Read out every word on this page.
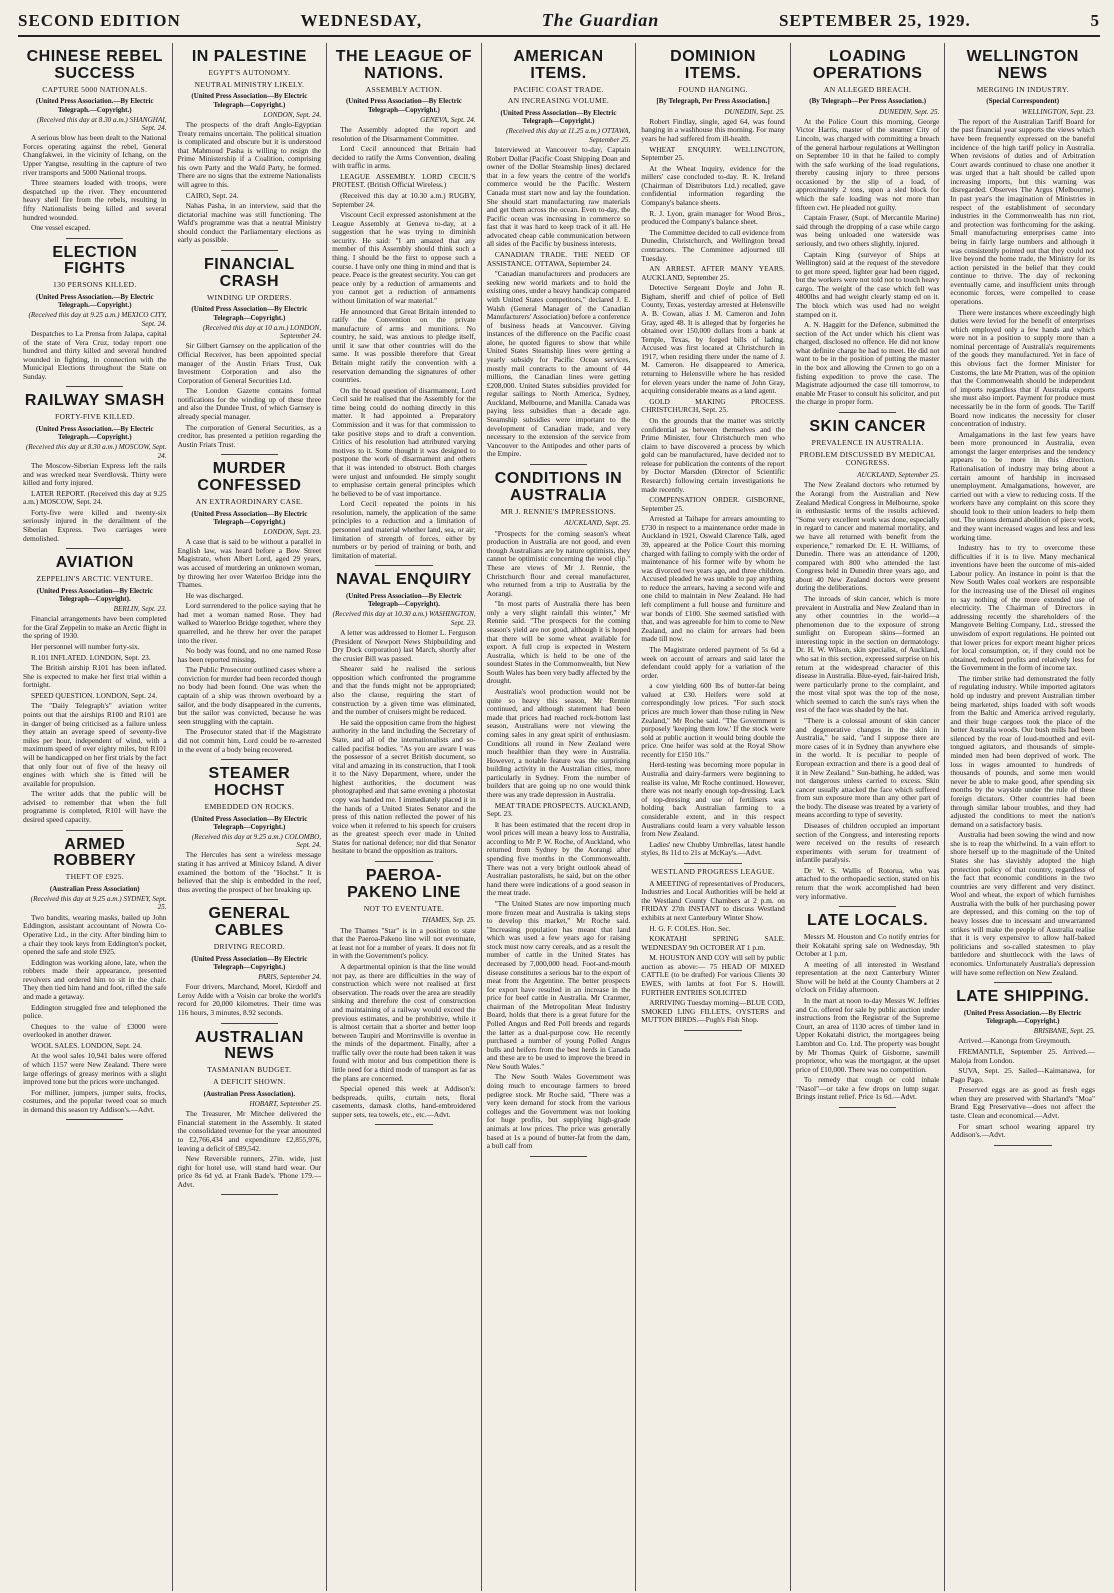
SECOND EDITION	WEDNESDAY,	The Guardian	SEPTEMBER 25, 1929.	5
CHINESE REBEL SUCCESS
CAPTURE 5000 NATIONALS.
(United Press Association.—By Electric Telegraph.—Copyright.)
(Received this day at 8.30 a.m.) SHANGHAI, Sept. 24.

A serious blow has been dealt to the National Forces operating against the rebel, General Changfakwei, in the vicinity of Ichang, on the Upper Yangtse, resulting in the capture of two river transports and 5000 National troops.

Three steamers loaded with troops, were despatched up the river. They encountered heavy shell fire from the rebels, resulting in fifty Nationalists being killed and several hundred wounded.

One vessel escaped.

ELECTION FIGHTS
130 PERSONS KILLED.
(United Press Association.—By Electric Telegraph.—Copyright.)
(Received this day at 9.25 a.m.) MEXICO CITY, Sept. 24.

Despatches to La Prensa from Jalapa, capital of the state of Vera Cruz, today report one hundred and thirty killed and several hundred wounded in fighting, in connection with the Municipal Elections throughout the State on Sunday.

RAILWAY SMASH
FORTY-FIVE KILLED.
(United Press Association.—By Electric Telegraph.—Copyright.)
(Received this day at 8.30 a.m.) MOSCOW, Sept. 24.

The Moscow-Siberian Express left the rails and was wrecked near Sverdlovsk. Thirty were killed and forty injured.

LATER REPORT. (Received this day at 9.25 a.m.) MOSCOW, Sept. 24.

Forty-five were killed and twenty-six seriously injured in the derailment of the Siberian Express. Two carriages were demolished.

AVIATION
ZEPPELIN'S ARCTIC VENTURE.
(United Press Association—By Electric Telegraph—Copyright).
BERLIN, Sept. 23.

Financial arrangements have been completed for the Graf Zeppelin to make an Arctic flight in the spring of 1930.

Her personnel will number forty-six.

R.101 INFLATED. LONDON, Sept. 23.

The British airship R101 has been inflated. She is expected to make her first trial within a fortnight.

SPEED QUESTION. LONDON, Sept. 24.

The "Daily Telegraph's" aviation writer points out that the airships R100 and R101 are in danger of being criticised as a failure unless they attain an average speed of seventy-five miles per hour, independent of wind, with a maximum speed of over eighty miles, but R101 will be handicapped on her first trials by the fact that only four out of five of the heavy oil engines with which she is fitted will be available for propulsion.

The writer adds that the public will be advised to remember that when the full programme is completed, R101 will have the desired speed capacity.

ARMED ROBBERY
THEFT OF £925.
(Australian Press Association)
(Received this day at 9.25 a.m.) SYDNEY, Sept. 25.

Two bandits, wearing masks, bailed up John Eddington, assistant accountant of Nowra Co-Operative Ltd., in the city. After binding him to a chair they took keys from Eddington's pocket, opened the safe and stole £925.

Eddington was working alone, late, when the robbers made their appearance, presented revolvers and ordered him to sit in the chair. They then tied him hand and foot, rifled the safe and made a getaway.

Eddington struggled free and telephoned the police.

Cheques to the value of £3000 were overlooked in another drawer.

WOOL SALES. LONDON, Sept. 24.

At the wool sales 10,941 bales were offered of which 1157 were New Zealand. There were large offerings of greasy merinos with a slight improved tone but the prices were unchanged.

For milliner, jumpers, jumper suits, frocks, costumes, and the popular tweed coat so much in demand this season try Addison's.—Advt.

IN PALESTINE
EGYPT'S AUTONOMY.
NEUTRAL MINISTRY LIKELY.
(United Press Association—By Electric Telegraph—Copyright.)
LONDON, Sept. 24.

The prospects of the draft Anglo-Egyptian Treaty remains uncertain. The political situation is complicated and obscure but it is understood that Mahmoud Pasha is willing to resign the Prime Ministership if a Coalition, comprising his own Party and the Wafd Party, be formed. There are no signs that the extreme Nationalists will agree to this.

CAIRO, Sept. 24.

Nahas Pasha, in an interview, said that the dictatorial machine was still functioning. The Wafd's programme was that a neutral Ministry should conduct the Parliamentary elections as early as possible.

FINANCIAL CRASH
WINDING UP ORDERS.
(United Press Association—By Electric Telegraph—Copyright.)
(Received this day at 10 a.m.) LONDON, September 24.

Sir Gilbert Garnsey on the application of the Official Receiver, has been appointed special manager of the Austin Friars Trust, Oak Investment Corporation and also the Corporation of General Securities Ltd.

The London Gazette contains formal notifications for the winding up of these three and also the Dundee Trust, of which Garnsey is already special manager.

The corporation of General Securities, as a creditor, has presented a petition regarding the Austin Friars Trust.

MURDER CONFESSED
AN EXTRAORDINARY CASE.
(United Press Association—By Electric Telegraph—Copyright.)
LONDON, Sept. 23.

A case that is said to be without a parallel in English law, was heard before a Bow Street Magistrate, when Albert Lord, aged 29 years, was accused of murdering an unknown woman, by throwing her over Waterloo Bridge into the Thames.

He was discharged.

Lord surrendered to the police saying that he had met a woman named Rose. They had walked to Waterloo Bridge together, where they quarrelled, and he threw her over the parapet into the river.

No body was found, and no one named Rose has been reported missing.

The Public Prosecutor outlined cases where a conviction for murder had been recorded though no body had been found. One was when the captain of a ship was thrown overboard by a sailor, and the body disappeared in the currents, but the sailor was convicted, because he was seen struggling with the captain.

The Prosecutor stated that if the Magistrate did not commit him, Lord could be re-arrested in the event of a body being recovered.

STEAMER HOCHST
EMBEDDED ON ROCKS.
(United Press Association—By Electric Telegraph—Copyright.)
(Received this day at 9.25 a.m.) COLOMBO, Sept. 24.

The Hercules has sent a wireless message stating it has arrived at Minicoy Island. A diver examined the bottom of the "Hochst." It is believed that the ship is embedded in the reef, thus averting the prospect of her breaking up.

GENERAL CABLES
DRIVING RECORD.
(United Press Association—By Electric Telegraph—Copyright.)
PARIS, September 24.

Four drivers, Marchand, Morel, Kirdoff and Leroy Adde with a Voisin car broke the world's record for 20,000 kilometres. Their time was 116 hours, 3 minutes, 8.92 seconds.

AUSTRALIAN NEWS
TASMANIAN BUDGET.
A DEFICIT SHOWN.
(Australian Press Association).
HOBART, September 25.

The Treasurer, Mr Mitchee delivered the Financial statement in the Assembly. It stated the consolidated revenue for the year amounted to £2,766,434 and expenditure £2,855,976, leaving a deficit of £89,542.

New Reversible runners, 27in. wide, just right for hotel use, will stand hard wear. Our price 8s 6d yd. at Frank Bade's. 'Phone 179.—Advt.

THE LEAGUE OF NATIONS.
ASSEMBLY ACTION.
(United Press Association—By Electric Telegraph—Copyright.)
GENEVA, Sept. 24.

The Assembly adopted the report and resolution of the Disarmament Committee.

Lord Cecil announced that Britain had decided to ratify the Arms Convention, dealing with traffic in arms.

LEAGUE ASSEMBLY. LORD CECIL'S PROTEST. (British Official Wireless.)

(Received this day at 10.30 a.m.) RUGBY, September 24.

Viscount Cecil expressed astonishment at the League Assembly at Geneva to-day, at a suggestion that he was trying to diminish security. He said: "I am amazed that any member of this Assembly should think such a thing. I should be the first to oppose such a course. I have only one thing in mind and that is peace. Peace is the greatest security. You can get peace only by a reduction of armaments and you cannot get a reduction of armaments without limitation of war material."

He announced that Great Britain intended to ratify the Convention on the private manufacture of arms and munitions. No country, he said, was anxious to pledge itself, until it saw that other countries will do the same. It was possible therefore that Great Britain might ratify the convention with a reservation demanding the signatures of other countries.

On the broad question of disarmament, Lord Cecil said he realised that the Assembly for the time being could do nothing directly in this matter. It had appointed a Preparatory Commission and it was for that commission to take positive steps and to draft a convention. Critics of his resolution had attributed varying motives to it. Some thought it was designed to postpone the work of disarmament and others that it was intended to obstruct. Both charges were unjust and unfounded. He simply sought to emphasise certain general principles which he believed to be of vast importance.

Lord Cecil repeated the points in his resolution, namely, the application of the same principles to a reduction and a limitation of personnel and material whether land, sea, or air; limitation of strength of forces, either by numbers or by period of training or both, and limitation of material.

NAVAL ENQUIRY
(United Press Association—By Electric Telegraph—Copyright).
(Received this day at 10.30 a.m.) WASHINGTON, Sept. 23.

A letter was addressed to Homer L. Ferguson (President of Newport News Shipbuilding and Dry Dock corporation) last March, shortly after the crusier Bill was passed.

Shearer said he realised the serious opposition which confronted the programme and that the funds might not be appropriated; also the clause, requiring the start of construction by a given time was eliminated, and the number of cruisers might be reduced.

He said the opposition came from the highest authority in the land including the Secretary of State, and all of the internationalists and so-called pacifist bodies. "As you are aware I was the possessor of a secret British document, so vital and amazing in its construction, that I took it to the Navy Department, where, under the highest authorities, the document was photographed and that same evening a photostat copy was handed me. I immediately placed it in the hands of a United States Senator and the press of this nation reflected the power of his voice when it referred to his speech for cruisers as the greatest speech ever made in United States for national defence; nor did that Senator hesitate to brand the opposition as traitors.

PAEROA-PAKENO LINE
NOT TO EVENTUATE.
THAMES, Sep. 25.

The Thames "Star" is in a position to state that the Paeroa-Pakeno line will not eventuate, at least not for a number of years. It does not fit in with the Government's policy.

A departmental opinion is that the line would not pay, as there are difficulties in the way of construction which were not realised at first observation. The roads over the area are steadily sinking and therefore the cost of construction and maintaining of a railway would exceed the previous estimates, and be prohibitive, while it is almost certain that a shorter and better loop between Taupiri and Morrinsville is overdue in the minds of the department. Finally, after a traffic tally over the route had been taken it was found with motor and bus competition there is little need for a third mode of transport as far as the plans are concerned.

Special opened this week at Addison's: bedspreads, quilts, curtain nets, floral casements, damask cloths, hand-embroidered supper sets, tea towels, etc., etc.—Advt.

AMERICAN ITEMS.
PACIFIC COAST TRADE.
AN INCREASING VOLUME.
(United Press Association—By Electric Telegraph—Copyright.)
(Received this day at 11.25 a.m.) OTTAWA, September 25.

Interviewed at Vancouver to-day, Captain Robert Dollar (Pacific Coast Shipping Doan and owner of the Dollar Steamship lines) declared that in a few years the centre of the world's commerce would be the Pacific. Western Canada must start now and lay the foundation. She should start manufacturing raw materials and get them across the ocean. Even to-day, the Pacific ocean was increasing in commerce so fast that it was hard to keep track of it all. He advocated cheap cable communication between all sides of the Pacific by business interests.

CANADIAN TRADE. THE NEED OF ASSISTANCE. OTTAWA, September 24.

"Canadian manufacturers and producers are seeking new world markets and to hold the existing ones, under a heavy handicap compared with United States competitors," declared J. E. Walsh (General Manager of the Canadian Manufacturers' Association) before a conference of business heads at Vancouver. Giving instances of the difference on the Pacific coast alone, he quoted figures to show that while United States Steamship lines were getting a yearly subsidy for Pacific Ocean services, mostly mail contracts to the amount of 44 millions, the Canadian lines were getting £208,000. United States subsidies provided for regular sailings to North America, Sydney, Auckland, Melbourne, and Manilla. Canada was paying less subsidies than a decade ago. Steamship subsidies were important to the development of Canadian trade, and very necessary to the extension of the service from Vancouver to the Antipodes and other parts of the Empire.

CONDITIONS IN AUSTRALIA
MR J. RENNIE'S IMPRESSIONS.
AUCKLAND, Sept. 25.

"Prospects for the coming season's wheat production in Australia are not good, and even though Australians are by nature optimists, they cannot be optimistic concerning the wool clip." These are views of Mr J. Rennie, the Christchurch flour and cereal manufacturer, who returned from a trip to Australia by the Aorangi.

"In most parts of Australia there has been only a very slight rainfall this winter," Mr Rennie said. "The prospects for the coming season's yield are not good, although it is hoped that there will be some wheat available for export. A full crop is expected in Western Australia, which is held to be one of the soundest States in the Commonwealth, but New South Wales has been very badly affected by the drought.

Australia's wool production would not be quite so heavy this season, Mr Rennie continued, and although statement had been made that prices had reached rock-bottom last season, Australians were not viewing the coming sales in any great spirit of enthusiasm. Conditions all round in New Zealand were much healthier than they were in Australia. However, a notable feature was the surprising building activity in the Australian cities, more particularly in Sydney. From the number of builders that are going up no one would think there was any trade depression in Australia.

MEAT TRADE PROSPECTS. AUCKLAND, Sept. 23.

It has been estimated that the recent drop in wool prices will mean a heavy loss to Australia, according to Mr P. W. Roche, of Auckland, who returned from Sydney by the Aorangi after spending five months in the Commonwealth. There was not a very bright outlook ahead of Australian pastoralists, he said, but on the other hand there were indications of a good season in the meat trade.

"The United States are now importing much more frozen meat and Australia is taking steps to develop this market," Mr Roche said. "Increasing population has meant that land which was used a few years ago for raising stock must now carry cereals, and as a result the number of cattle in the United States has decreased by 7,000,000 head. Foot-and-mouth disease constitutes a serious bar to the export of meat from the Argentine. The better prospects for export have resulted in an increase in the price for beef cattle in Australia. Mr Cranmer, chairman of the Metropolitan Meat Industry Board, holds that there is a great future for the Polled Angus and Red Poll breeds and regards the latter as a dual-purpose cow. He recently purchased a number of young Polled Angus bulls and heifers from the best herds in Canada and these are to be used to improve the breed in New South Wales."

The New South Wales Government was doing much to encourage farmers to breed pedigree stock. Mr Roche said, "There was a very keen demand for stock from the various colleges and the Government was not looking for huge profits, but supplying high-grade animals at low prices. The price was generally based at 1s a pound of butter-fat from the dam, a bull calf from

DOMINION ITEMS.
FOUND HANGING.
[By Telegraph, Per Press Association.]
DUNEDIN, Sept. 25.

Robert Findlay, single, aged 64, was found hanging in a washhouse this morning. For many years he had suffered from ill-health.

WHEAT ENQUIRY. WELLINGTON, September 25.

At the Wheat Inquiry, evidence for the millers' case concluded to-day. R. K. Ireland (Chairman of Distributors Ltd.) recalled, gave confidential information regarding the Company's balance sheets.

R. J. Lyon, grain manager for Wood Bros., produced the Company's balance sheet.

The Committee decided to call evidence from Dunedin, Christchurch, and Wellington bread contractors. The Committee adjourned till Tuesday.

AN ARREST. AFTER MANY YEARS. AUCKLAND, September 25.

Detective Sergeant Doyle and John R. Bigham, sheriff and chief of police of Bell County, Texas, yesterday arrested at Helensville A. B. Cowan, alias J. M. Cameron and John Gray, aged 48. It is alleged that by forgeries he obtained over 150,000 dollars from a bank at Temple, Texas, by forged bills of lading. Accused was first located at Christchurch in 1917, when residing there under the name of J. M. Cameron. He disappeared to America, returning to Helensville where he has resided for eleven years under the name of John Gray, acquiring considerable means as a land agent.

GOLD MAKING PROCESS. CHRISTCHURCH, Sept. 25.

On the grounds that the matter was strictly confidential as between themselves and the Prime Minister, four Christchurch men who claim to have discovered a process by which gold can be manufactured, have decided not to release for publication the contents of the report by Doctor Marsden (Director of Scientific Research) following certain investigations he made recently.

COMPENSATION ORDER. GISBORNE, September 25.

Arrested at Taihape for arrears amounting to £730 in respect to a maintenance order made in Auckland in 1921, Oswald Clarence Talk, aged 39, appeared at the Police Court this morning charged with failing to comply with the order of maintenance of his former wife by whom he was divorced two years ago, and three children. Accused pleaded he was unable to pay anything to reduce the arrears, having a second wife and one child to maintain in New Zealand. He had left compliment a full house and furniture and war bonds of £100. She seemed satisfied with that, and was agreeable for him to come to New Zealand, and no claim for arrears had been made till now.

The Magistrate ordered payment of 5s 6d a week on account of arrears and said later the defendant could apply for a variation of the order.

a cow yielding 600 lbs of butter-fat being valued at £30. Heifers were sold at correspondingly low prices. "For such stock prices are much lower than those ruling in New Zealand," Mr Roche said. "The Government is purposely 'keeping them low.' If the stock were sold at public auction it would bring double the price. One heifer was sold at the Royal Show recently for £150 10s."

Herd-testing was becoming more popular in Australia and dairy-farmers were beginning to realise its value, Mr Roche continued. However, there was not nearly enough top-dressing. Lack of top-dressing and use of fertilisers was holding back Australian farming to a considerable extent, and in this respect Australians could learn a very valuable lesson from New Zealand.

Ladies' new Chubby Umbrellas, latest handle styles, 8s 11d to 21s at McKay's.—Advt.

WESTLAND PROGRESS LEAGUE.

A MEETING of representatives of Producers, Industries and Local Authorities will be held at the Westland County Chambers at 2 p.m. on FRIDAY 27th INSTANT to discuss Westland exhibits at next Canterbury Winter Show.

H. G. F. COLES. Hon. Sec.

KOKATAHI SPRING SALE. WEDNESDAY 9th OCTOBER AT 1 p.m.

M. HOUSTON AND COY will sell by public auction as above:— 75 HEAD OF MIXED CATTLE (to be drafted) For various Clients 30 EWES, with lambs at foot For S. Howill. FURTHER ENTRIES SOLICITED

ARRIVING Tuesday morning—BLUE COD, SMOKED LING FILLETS, OYSTERS and MUTTON BIRDS.—Pugh's Fish Shop.

LOADING OPERATIONS
AN ALLEGED BREACH.
(By Telegraph—Per Press Association.)
DUNEDIN, Sept. 25.

At the Police Court this morning, George Victor Harris, master of the steamer City of Lincoln, was charged with committing a breach of the general harbour regulations at Wellington on September 10 in that he failed to comply with the safe working of the load regulations, thereby causing injury to three persons occasioned by the slip of a load, of approximately 2 tons, upon a sled block for which the safe loading was not more than fifteen cwt. He pleaded not guilty.

Captain Fraser, (Supt. of Mercantile Marine) said through the dropping of a case while cargo was being unloaded one waterside was seriously, and two others slightly, injured.

Captain King (surveyor of Ships at Wellington) said at the request of the stevedore to get more speed, lighter gear had been rigged, but the workers were not told not to touch heavy cargo. The weight of the case which fell was 4800lbs and had weight clearly stamp ed on it. The block which was used had no weight stamped on it.

A. N. Haggitt for the Defence, submitted the section of the Act under which his client was charged, disclosed no offence. He did not know what definite charge he had to meet. He did not want to be in the position of putting the master in the box and allowing the Crown to go on a fishing expedition to prove the case. The Magistrate adjourned the case till tomorrow, to enable Mr Fraser to consult his solicitor, and put the charge in proper form.

SKIN CANCER
PREVALENCE IN AUSTRALIA.
PROBLEM DISCUSSED BY MEDICAL CONGRESS.
AUCKLAND, September 25.

The New Zealand doctors who returned by the Aorangi from the Australian and New Zealand Medical Congress in Melbourne, spoke in enthusiastic terms of the results achieved. "Some very excellent work was done, especially in regard to cancer and maternal mortality, and we have all returned with benefit from the experience," remarked Dr. E. H. Williams, of Dunedin. There was an attendance of 1200, compared with 800 who attended the last Congress held in Dunedin three years ago, and about 40 New Zealand doctors were present during the deliberations.

The inroads of skin cancer, which is more prevalent in Australia and New Zealand than in any other countries in the world—a phenomenon due to the exposure of strong sunlight on European skins—formed an interesting topic in the section on dermatology. Dr. H. W. Wilson, skin specialist, of Auckland, who sat in this section, expressed surprise on his return at the widespread character of this disease in Australia. Blue-eyed, fair-haired Irish, were particularly prone to the complaint, and the most vital spot was the top of the nose, which seemed to catch the sun's rays when the rest of the face was shaded by the hat.

"There is a colossal amount of skin cancer and degenerative changes in the skin in Australia," he said, "and I suppose there are more cases of it in Sydney than anywhere else in the world. It is peculiar to people of European extraction and there is a good deal of it in New Zealand." Sun-bathing, he added, was not dangerous unless carried to excess. Skin cancer usually attacked the face which suffered from sun exposure more than any other part of the body. The disease was treated by a variety of means according to type of severity.

Diseases of children occupied an important section of the Congress, and interesting reports were received on the results of research experiments with serum for treatment of infantile paralysis.

Dr W. S. Wallis of Rotorua, who was attached to the orthopaedic section, stated on his return that the work accomplished had been very informative.

LATE LOCALS.

Messrs M. Houston and Co notify entries for their Kokatahi spring sale on Wednesday, 9th October at 1 p.m.

A meeting of all interested in Westland representation at the next Canterbury Winter Show will be held at the County Chambers at 2 o'clock on Friday afternoon.

In the mart at noon to-day Messrs W. Jeffries and Co. offered for sale by public auction under instructions from the Registrar of the Supreme Court, an area of 1130 acres of timber land in Upper Kokatahi district, the mortgagees being Lambton and Co. Ltd. The property was bought by Mr Thomas Quirk of Gisborne, sawmill proprietor, who was the mortgagor, at the upset price of £10,000. There was no competition.

To remedy that cough or cold inhale "Nasol"—or take a few drops on lump sugar. Brings instant relief. Price 1s 6d.—Advt.

WELLINGTON NEWS
MERGING IN INDUSTRY.
(Special Correspondent)
WELLINGTON, Sept. 23.

The report of the Australian Tariff Board for the past financial year supports the views which have been frequently expressed on the baneful incidence of the high tariff policy in Australia. When revisions of duties and of Arbitration Court awards continued to chase one another it was urged that a halt should be called upon increasing imports, but this warning was disregarded. Observes The Argus (Melbourne). In past year's the imagination of Ministries in respect of the establishment of secondary industries in the Commonwealth has run riot, and protection was forthcoming for the asking. Small manufacturing enterprises came into being in fairly large numbers and although it was consistently pointed out that they could not live beyond the home trade, the Ministry for its action persisted in the belief that they could continue to thrive. The day of reckoning eventually came, and insufficient units through economic forces, were compelled to cease operations.

There were instances where exceedingly high duties were levied for the benefit of enterprises which employed only a few hands and which were not in a position to supply more than a nominal percentage of Australia's requirements of the goods they manufactured. Yet in face of this obvious fact the former Minister for Customs, the late Mr Pratten, was of the opinion that the Commonwealth should be independent of imports regardless that if Australia exports she must also import. Payment for produce must necessarily be in the form of goods. The Tariff Board now indicates the necessity for closer concentration of industry.

Amalgamations in the last few years have been more pronounced in Australia, even amongst the larger enterprises and the tendency appears to be more in this direction. Rationalisation of industry may bring about a certain amount of hardship in increased unemployment. Amalgamations, however, are carried out with a view to reducing costs. If the workers have any complaint on this score they should look to their union leaders to help them out. The unions demand abolition of piece work, and they want increased wages and less and less working time.

Industry has to try to overcome these difficulties if it is to live. Many mechanical inventions have been the outcome of mis-aided Labour policy. An instance in point is that the New South Wales coal workers are responsible for the increasing use of the Diesel oil engines to say nothing of the more extended use of electricity. The Chairman of Directors in addressing recently the shareholders of the Mangovete Belting Company, Ltd., stressed the unwisdom of export regulations. He pointed out that lower prices for export meant higher prices for local consumption, or, if they could not be obtained, reduced profits and relatively less for the Government in the form of income tax.

The timber strike had demonstrated the folly of regulating industry. While imported agitators hold up industry and prevent Australian timber being marketed, ships loaded with soft woods from the Baltic and America arrived regularly, and their huge cargoes took the place of the better Australia woods. Our bush mills had been silenced by the roar of loud-mouthed and evil-tongued agitators, and thousands of simple-minded men had been deprived of work. The loss in wages amounted to hundreds of thousands of pounds, and some men would never be able to make good, after spending six months by the wayside under the rule of these foreign dictators. Other countries had been through similar labour troubles, and they had adjusted the conditions to meet the nation's demand on a satisfactory basis.

Australia had been sowing the wind and now she is to reap the whirlwind. In a vain effort to shore herself up to the magnitude of the United States she has slavishly adopted the high protection policy of that country, regardless of the fact that economic conditions in the two countries are very different and very distinct. Wool and wheat, the export of which furnishes Australia with the bulk of her purchasing power are depressed, and this coming on the top of heavy losses due to incessant and unwarranted strikes will make the people of Australia realise that it is very expensive to allow half-baked politicians and so-called statesmen to play battledore and shuttlecock with the laws of economics. Unfortunately Australia's depression will have some reflection on New Zealand.

LATE SHIPPING.
(United Press Association.—By Electric Telegraph.—Copyright.)
BRISBANE, Sept. 25.

Arrived.—Kanonga from Greymouth.

FREMANTLE, September 25. Arrived.—Maloja from London.

SUVA, Sept. 25. Sailed—Kaimanawa, for Pago Pago.

Preserved eggs are as good as fresh eggs when they are preserved with Sharland's "Moa" Brand Egg Preservative—does not affect the taste. Clean and economical.—Advt.

For smart school wearing apparel try Addison's.—Advt.
